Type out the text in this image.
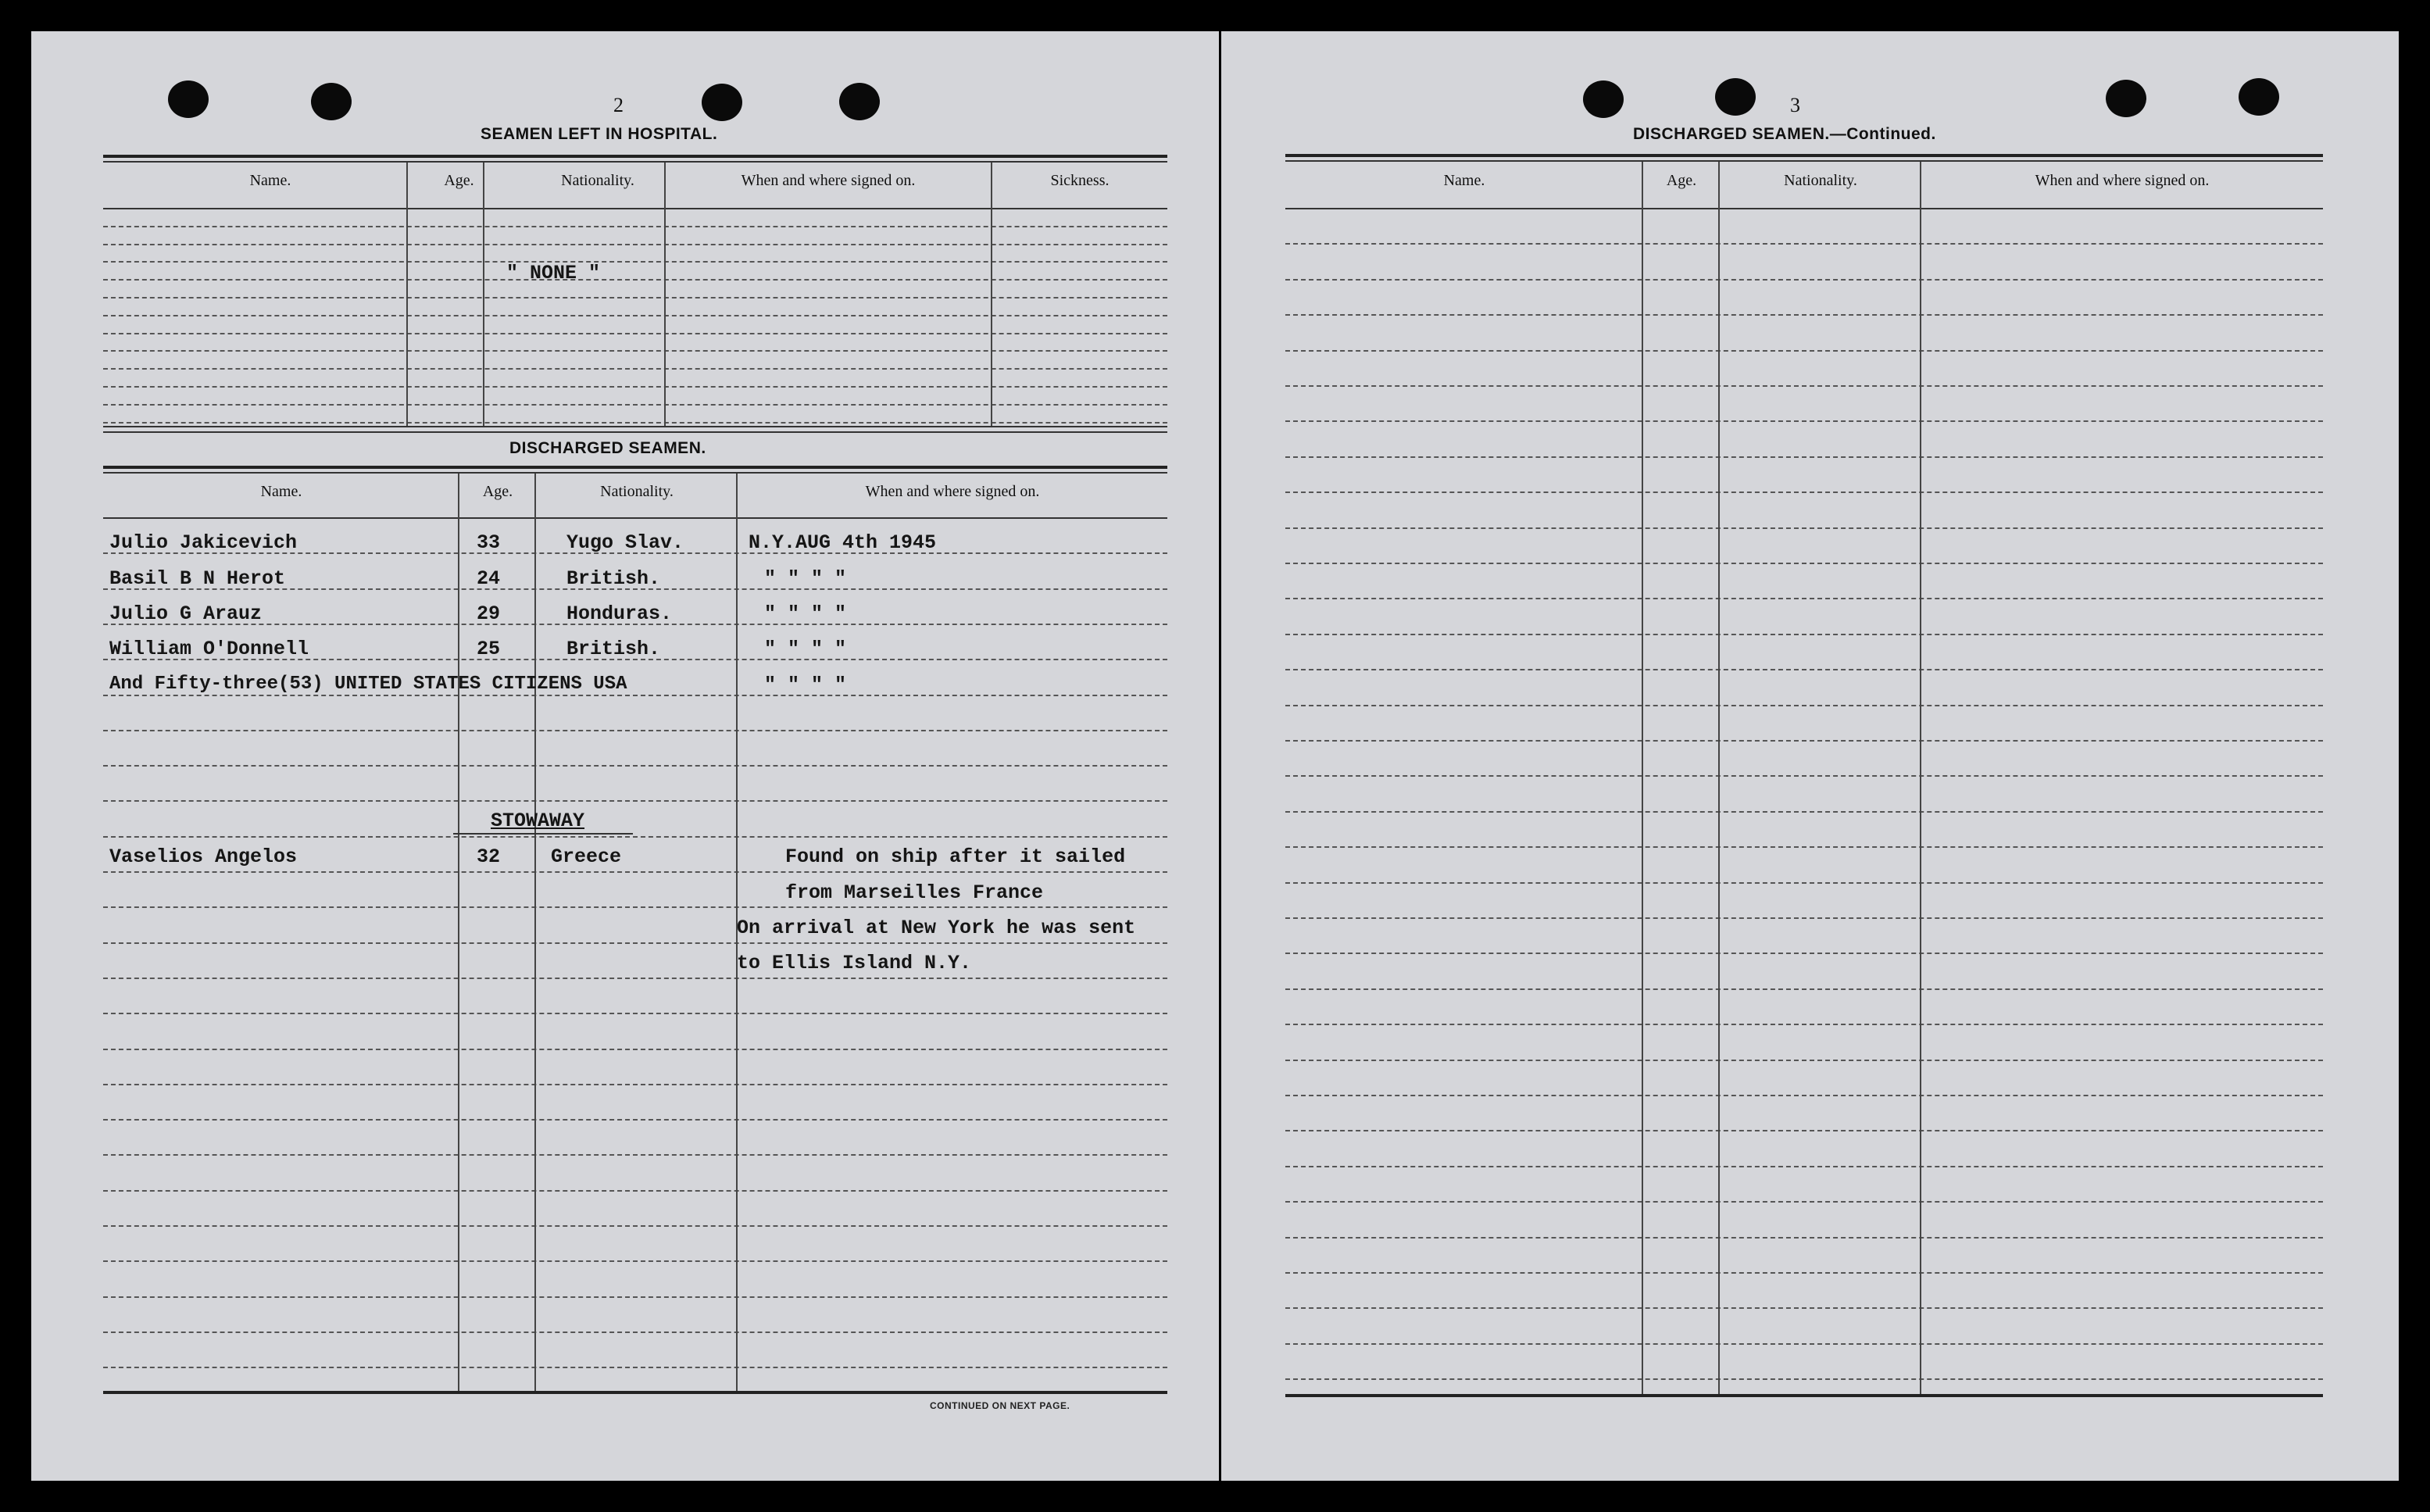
2
SEAMEN LEFT IN HOSPITAL.
Name.	Age.	Nationality.	When and where signed on.	Sickness.
" NONE "
DISCHARGED SEAMEN.
Name.	Age.	Nationality.	When and where signed on.
Julio Jakicevich	33	Yugo Slav.	N.Y.AUG 4th 1945
Basil B N Herot	24	British.	" " " "
Julio G Arauz	29	Honduras.	" " " "
William O'Donnell	25	British.	" " " "
And Fifty-three(53) UNITED STATES CITIZENS USA	" " " "
STOWAWAY
Vaselios Angelos	32	Greece	Found on ship after it sailed
from Marseilles France
On arrival at New York he was sent
to Ellis Island N.Y.
CONTINUED ON NEXT PAGE.
3
DISCHARGED SEAMEN.—Continued.
Name.	Age.	Nationality.	When and where signed on.
